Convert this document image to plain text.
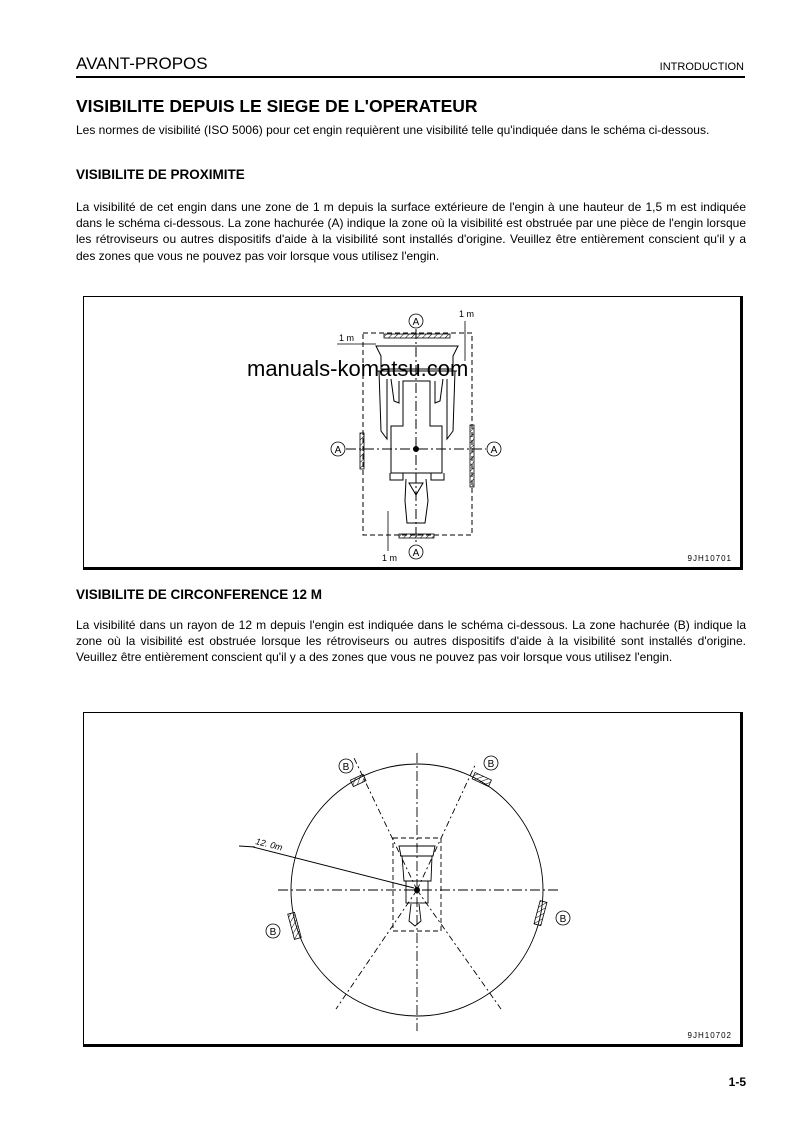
AVANT-PROPOS	INTRODUCTION
VISIBILITE DEPUIS LE SIEGE DE L'OPERATEUR

Les normes de visibilité (ISO 5006) pour cet engin requièrent une visibilité telle qu'indiquée dans le schéma ci-dessous.

VISIBILITE DE PROXIMITE

La visibilité de cet engin dans une zone de 1 m depuis la surface extérieure de l'engin à une hauteur de 1,5 m est indiquée dans le schéma ci-dessous. La zone hachurée (A) indique la zone où la visibilité est obstruée par une pièce de l'engin lorsque les rétroviseurs ou autres dispositifs d'aide à la visibilité sont installés d'origine. Veuillez être entièrement conscient qu'il y a des zones que vous ne pouvez pas voir lorsque vous utilisez l'engin.

A
A
A	A
1 m
1 m
1 m	9JH10701
manuals-komatsu.com
VISIBILITE DE CIRCONFERENCE 12 M

La visibilité dans un rayon de 12 m depuis l'engin est indiquée dans le schéma ci-dessous. La zone hachurée (B) indique la zone où la visibilité est obstruée lorsque les rétroviseurs ou autres dispositifs d'aide à la visibilité sont installés d'origine. Veuillez être entièrement conscient qu'il y a des zones que vous ne pouvez pas voir lorsque vous utilisez l'engin.

B	B
B
B
12. 0m
9JH10702
1-5
